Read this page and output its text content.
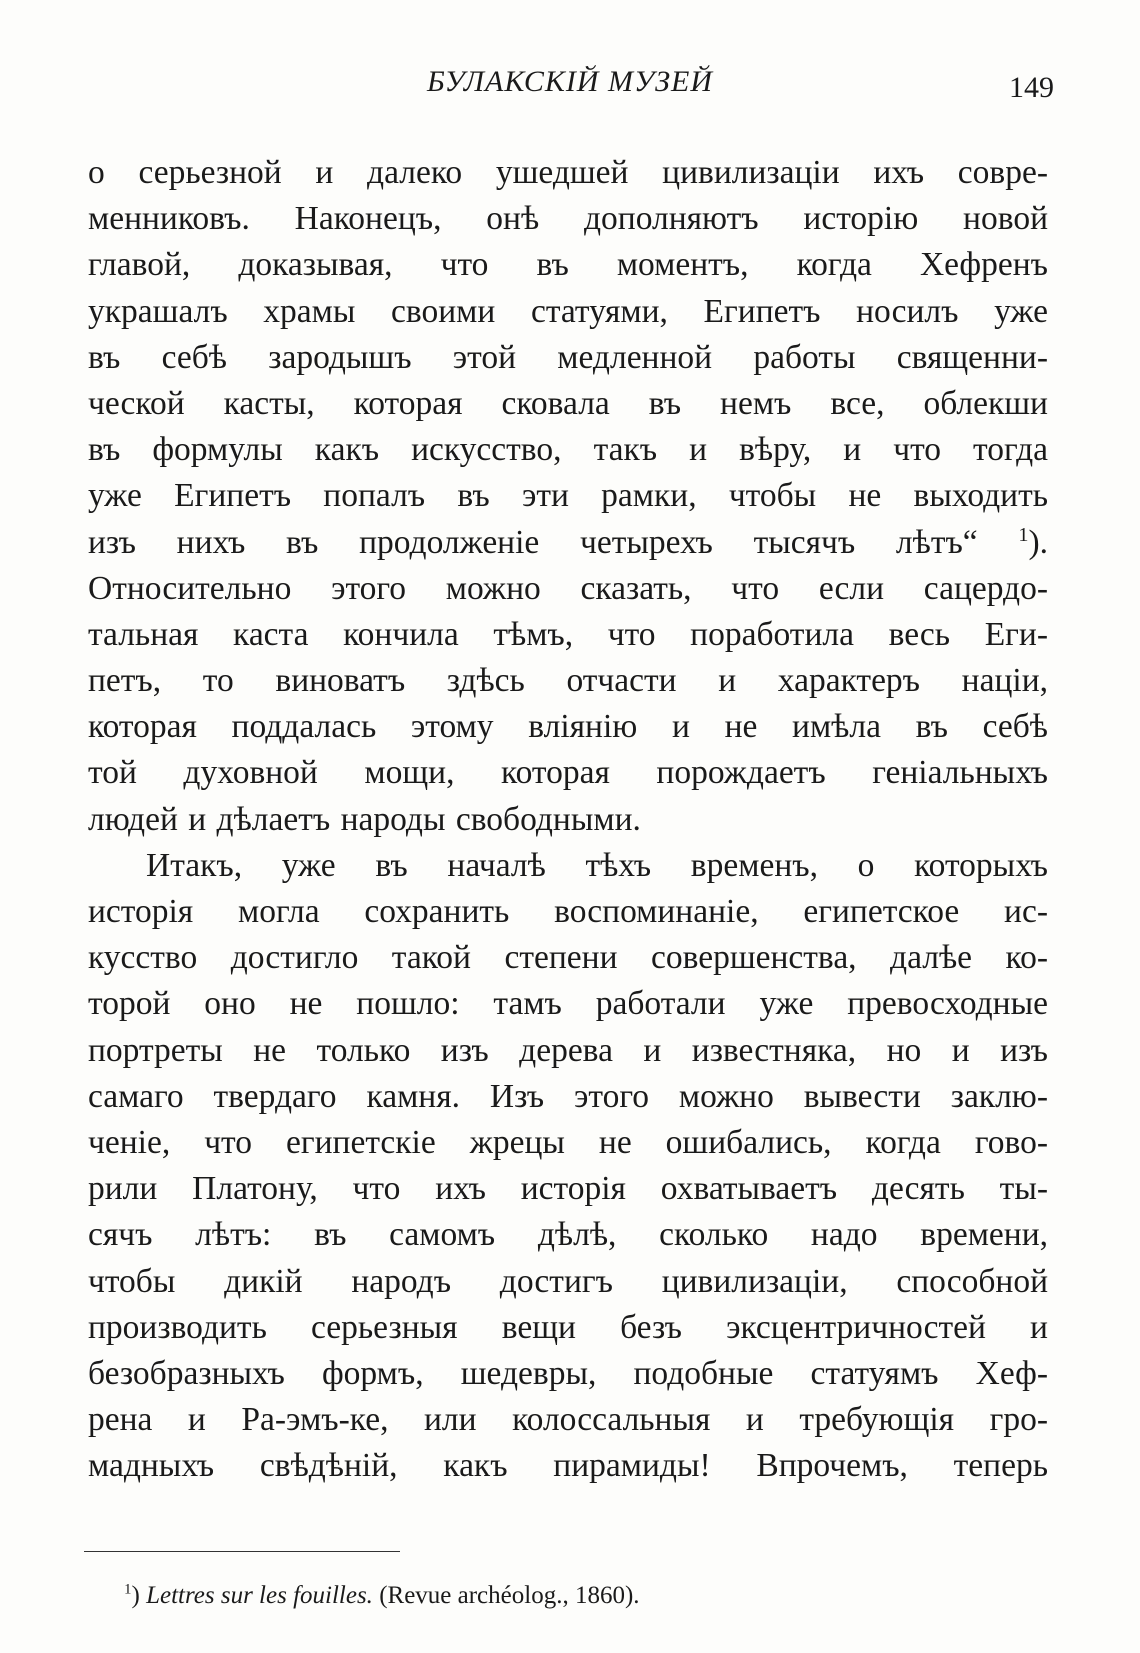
БУЛАКСКІЙ МУЗЕЙ	149
о серьезной и далеко ушедшей цивилизаціи ихъ совре-
менниковъ. Наконецъ, онѣ дополняютъ исторію новой
главой, доказывая, что въ моментъ, когда Хефренъ
украшалъ храмы своими статуями, Египетъ носилъ уже
въ себѣ зародышъ этой медленной работы священни-
ческой касты, которая сковала въ немъ все, облекши
въ формулы какъ искусство, такъ и вѣру, и что тогда
уже Египетъ попалъ въ эти рамки, чтобы не выходить
изъ нихъ въ продолженіе четырехъ тысячъ лѣтъ“ $^1$).
Относительно этого можно сказать, что если сацердо-
тальная каста кончила тѣмъ, что поработила весь Еги-
петъ, то виноватъ здѣсь отчасти и характеръ націи,
которая поддалась этому вліянію и не имѣла въ себѣ
той духовной мощи, которая порождаетъ геніальныхъ
людей и дѣлаетъ народы свободными.
Итакъ, уже въ началѣ тѣхъ временъ, о которыхъ
исторія могла сохранить воспоминаніе, египетское ис-
кусство достигло такой степени совершенства, далѣе ко-
торой оно не пошло: тамъ работали уже превосходные
портреты не только изъ дерева и известняка, но и изъ
самаго твердаго камня. Изъ этого можно вывести заклю-
ченіе, что египетскіе жрецы не ошибались, когда гово-
рили Платону, что ихъ исторія охватываетъ десять ты-
сячъ лѣтъ: въ самомъ дѣлѣ, сколько надо времени,
чтобы дикій народъ достигъ цивилизаціи, способной
производить серьезныя вещи безъ эксцентричностей и
безобразныхъ формъ, шедевры, подобные статуямъ Хеф-
рена и Ра-эмъ-ке, или колоссальныя и требующія гро-
мадныхъ свѣдѣній, какъ пирамиды! Впрочемъ, теперь
$^1$) Lettres sur les fouilles. (Revue archéolog., 1860).
